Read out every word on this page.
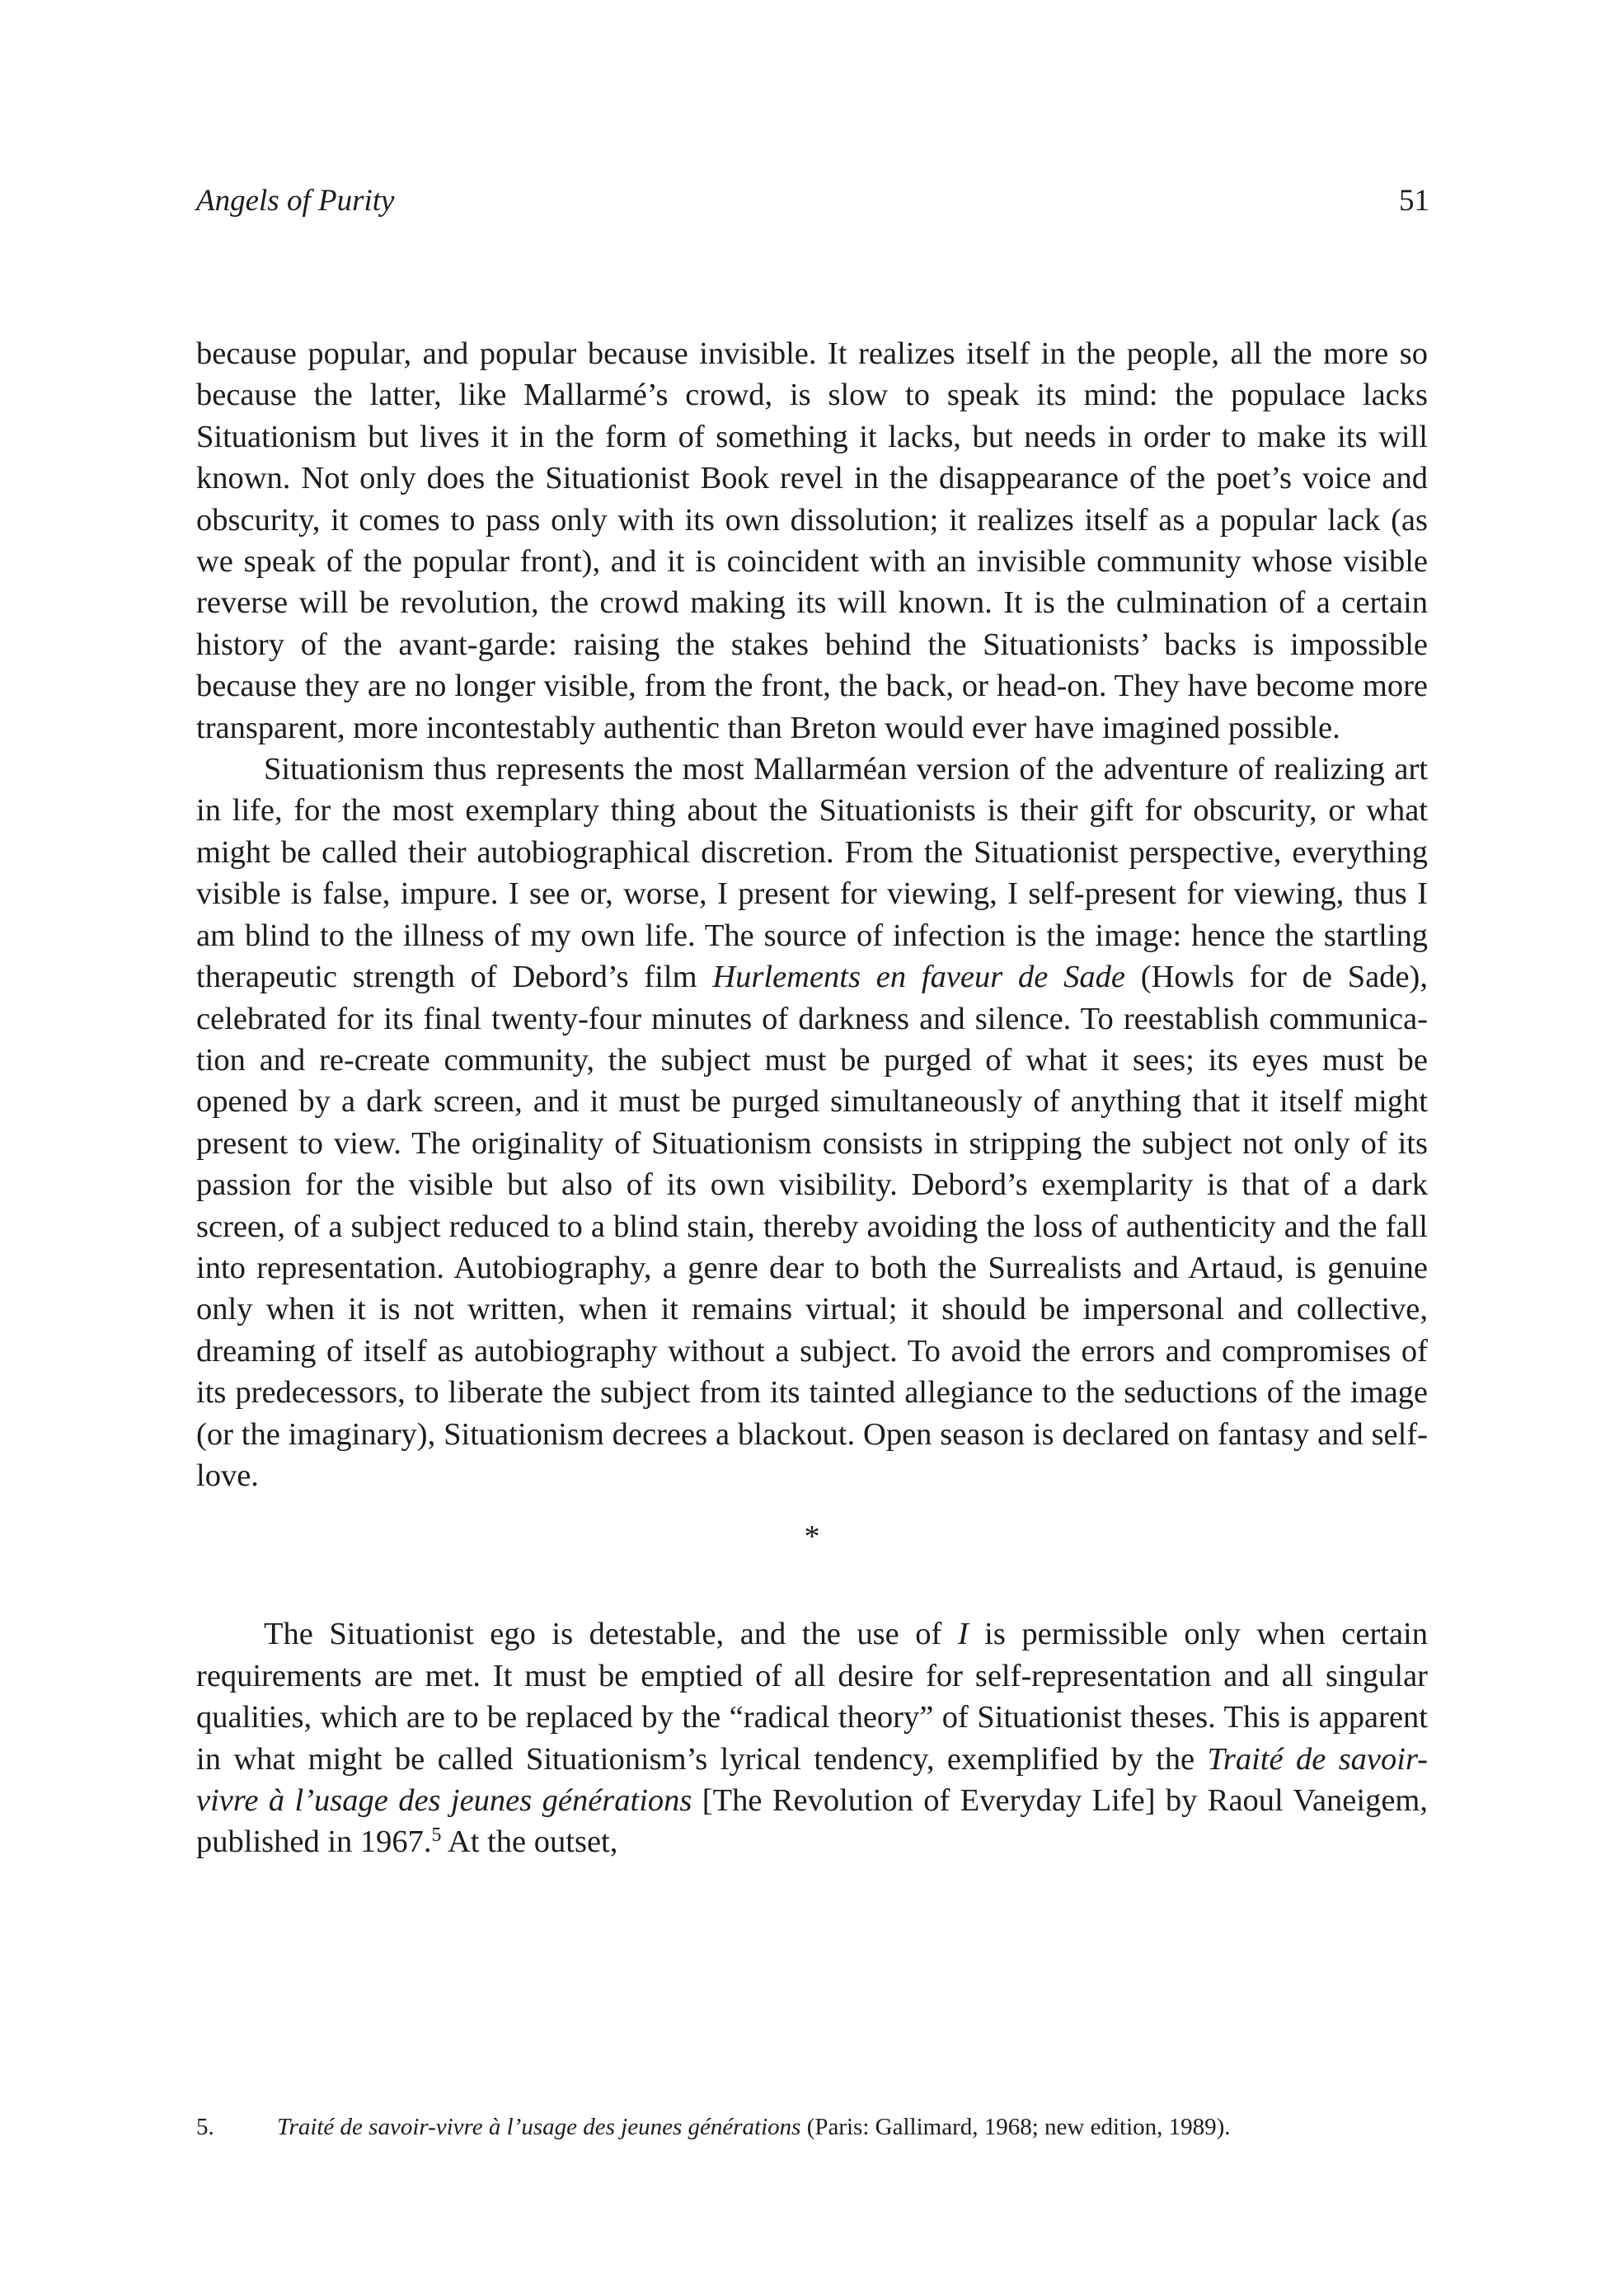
Angels of Purity	51

because popular, and popular because invisible. It realizes itself in the people, all the more so because the latter, like Mallarmé’s crowd, is slow to speak its mind: the populace lacks Situationism but lives it in the form of something it lacks, but needs in order to make its will known. Not only does the Situationist Book revel in the disappearance of the poet’s voice and obscurity, it comes to pass only with its own dissolution; it realizes itself as a popular lack (as we speak of the popular front), and it is coincident with an invisible community whose visible reverse will be revolution, the crowd making its will known. It is the culmination of a certain history of the avant-garde: raising the stakes behind the Situationists’ backs is impossible because they are no longer visible, from the front, the back, or head-on. They have become more transparent, more incontestably authentic than Breton would ever have imagined possible.

Situationism thus represents the most Mallarméan version of the adventure of realizing art in life, for the most exemplary thing about the Situationists is their gift for obscurity, or what might be called their autobiographical discretion. From the Situationist perspective, everything visible is false, impure. I see or, worse, I present for viewing, I self-present for viewing, thus I am blind to the illness of my own life. The source of infection is the image: hence the startling therapeutic strength of Debord’s film Hurlements en faveur de Sade (Howls for de Sade), celebrated for its final twenty-four minutes of darkness and silence. To reestablish communication and re-create community, the subject must be purged of what it sees; its eyes must be opened by a dark screen, and it must be purged simultaneously of anything that it itself might present to view. The originality of Situationism consists in stripping the subject not only of its passion for the visible but also of its own visibility. Debord’s exemplarity is that of a dark screen, of a subject reduced to a blind stain, thereby avoiding the loss of authenticity and the fall into representation. Autobiography, a genre dear to both the Surrealists and Artaud, is genuine only when it is not written, when it remains virtual; it should be impersonal and collective, dreaming of itself as autobiography without a subject. To avoid the errors and compromises of its predecessors, to liberate the subject from its tainted allegiance to the seductions of the image (or the imaginary), Situationism decrees a blackout. Open season is declared on fantasy and self-love.

*

The Situationist ego is detestable, and the use of I is permissible only when certain requirements are met. It must be emptied of all desire for self-representation and all singular qualities, which are to be replaced by the “radical theory” of Situationist theses. This is apparent in what might be called Situationism’s lyrical tendency, exemplified by the Traité de savoir-vivre à l’usage des jeunes générations [The Revolution of Everyday Life] by Raoul Vaneigem, published in 1967.$^5$ At the outset,

5.	Traité de savoir-vivre à l’usage des jeunes générations (Paris: Gallimard, 1968; new edition, 1989).
